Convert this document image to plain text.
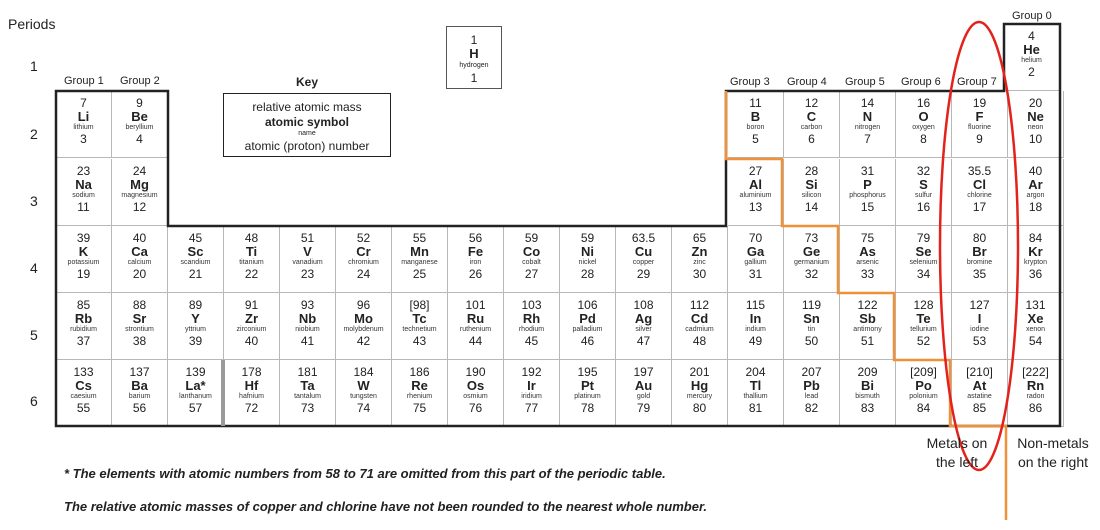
4
He
helium
2
7
Li
lithium
3
9
Be
beryllium
4
11
B
boron
5
12
C
carbon
6
14
N
nitrogen
7
16
O
oxygen
8
19
F
fluorine
9
20
Ne
neon
10
23
Na
sodium
11
24
Mg
magnesium
12
27
Al
aluminium
13
28
Si
silicon
14
31
P
phosphorus
15
32
S
sulfur
16
35.5
Cl
chlorine
17
40
Ar
argon
18
39
K
potassium
19
40
Ca
calcium
20
45
Sc
scandium
21
48
Ti
titanium
22
51
V
vanadium
23
52
Cr
chromium
24
55
Mn
manganese
25
56
Fe
iron
26
59
Co
cobalt
27
59
Ni
nickel
28
63.5
Cu
copper
29
65
Zn
zinc
30
70
Ga
gallium
31
73
Ge
germanium
32
75
As
arsenic
33
79
Se
selenium
34
80
Br
bromine
35
84
Kr
krypton
36
85
Rb
rubidium
37
88
Sr
strontium
38
89
Y
yttrium
39
91
Zr
zirconium
40
93
Nb
niobium
41
96
Mo
molybdenum
42
[98]
Tc
technetium
43
101
Ru
ruthenium
44
103
Rh
rhodium
45
106
Pd
palladium
46
108
Ag
silver
47
112
Cd
cadmium
48
115
In
indium
49
119
Sn
tin
50
122
Sb
antimony
51
128
Te
tellurium
52
127
I
iodine
53
131
Xe
xenon
54
133
Cs
caesium
55
137
Ba
barium
56
139
La*
lanthanum
57
178
Hf
hafnium
72
181
Ta
tantalum
73
184
W
tungsten
74
186
Re
rhenium
75
190
Os
osmium
76
192
Ir
iridium
77
195
Pt
platinum
78
197
Au
gold
79
201
Hg
mercury
80
204
Tl
thallium
81
207
Pb
lead
82
209
Bi
bismuth
83
[209]
Po
polonium
84
[210]
At
astatine
85
[222]
Rn
radon
86
Periods
1
H
hydrogen
1
Key
relative atomic mass
atomic symbol
name
atomic (proton) number
Metals on
the left
Non-metals
on the right
* The elements with atomic numbers from 58 to 71 are omitted from this part of the periodic table.
The relative atomic masses of copper and chlorine have not been rounded to the nearest whole number.
1
2
3
4
5
6
Group 1 Group 2	Group 3 Group 4 Group 5 Group 6 Group 7
Group 0
